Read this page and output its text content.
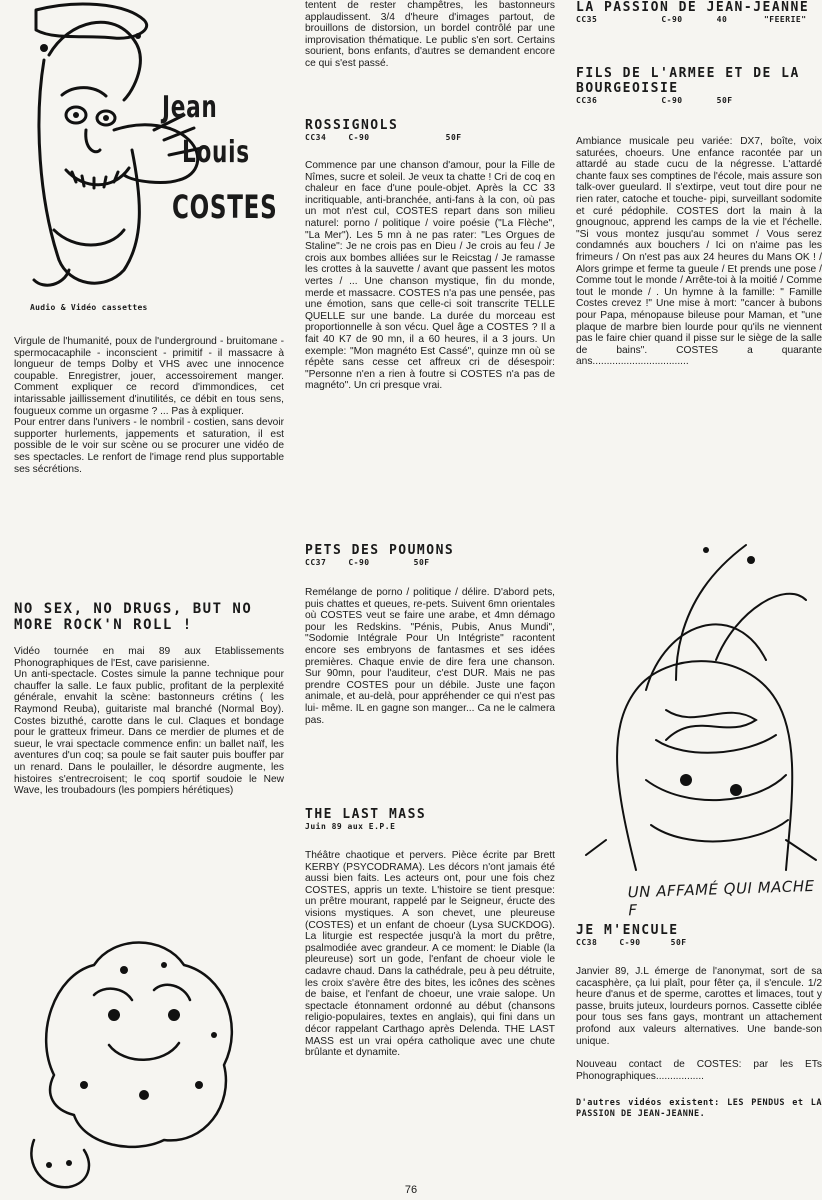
Jean
Louis
COSTES
Audio & Vidéo cassettes

Virgule de l'humanité, poux de l'underground - bruitomane - spermocacaphile - inconscient - primitif - il massacre à longueur de temps Dolby et VHS avec une innocence coupable. Enregistrer, jouer, accessoirement manger. Comment expliquer ce record d'immondices, cet intarissable jaillissement d'inutilités, ce débit en tous sens, fougueux comme un orgasme ? ... Pas à expliquer.

Pour entrer dans l'univers - le nombril - costien, sans devoir supporter hurlements, jappements et saturation, il est possible de le voir sur scène ou se procurer une vidéo de ses spectacles. Le renfort de l'image rend plus supportable ses sécrétions.

NO SEX, NO DRUGS, BUT NO MORE ROCK'N ROLL !

Vidéo tournée en mai 89 aux Etablissements Phonographiques de l'Est, cave parisienne.

Un anti-spectacle. Costes simule la panne technique pour chauffer la salle. Le faux public, profitant de la perplexité générale, envahit la scène: bastonneurs crétins ( les Raymond Reuba), guitariste mal branché (Normal Boy). Costes bizuthé, carotte dans le cul. Claques et bondage pour le gratteux frimeur. Dans ce merdier de plumes et de sueur, le vrai spectacle commence enfin: un ballet naïf, les aventures d'un coq; sa poule se fait sauter puis bouffer par un renard. Dans le poulailler, le désordre augmente, les histoires s'entrecroisent; le coq sportif soudoie le New Wave, les troubadours (les pompiers hérétiques)

tentent de rester champêtres, les bastonneurs applaudissent. 3/4 d'heure d'images partout, de brouillons de distorsion, un bordel contrôlé par une improvisation thématique. Le public s'en sort. Certains sourient, bons enfants, d'autres se demandent encore ce qui s'est passé.
ROSSIGNOLS
CC34	C-90	50F
Commence par une chanson d'amour, pour la Fille de Nîmes, sucre et soleil. Je veux ta chatte ! Cri de coq en chaleur en face d'une poule-objet. Après la CC 33 incritiquable, anti-branchée, anti-fans à la con, où pas un mot n'est cul, COSTES repart dans son milieu naturel: porno / politique / voire poésie ("La Flèche", "La Mer"). Les 5 mn à ne pas rater: "Les Orgues de Staline": Je ne crois pas en Dieu / Je crois au feu / Je crois aux bombes alliées sur le Reicstag / Je ramasse les crottes à la sauvette / avant que passent les motos vertes / ... Une chanson mystique, fin du monde, merde et massacre. COSTES n'a pas une pensée, pas une émotion, sans que celle-ci soit transcrite TELLE QUELLE sur une bande. La durée du morceau est proportionnelle à son vécu. Quel âge a COSTES ? Il a fait 40 K7 de 90 mn, il a 60 heures, il a 3 jours. Un exemple: "Mon magnéto Est Cassé", quinze mn où se répète sans cesse cet affreux cri de désespoir: "Personne n'en a rien à foutre si COSTES n'a pas de magnéto". Un cri presque vrai.
PETS DES POUMONS
CC37	C-90	50F
Remélange de porno / politique / délire. D'abord pets, puis chattes et queues, re-pets. Suivent 6mn orientales où COSTES veut se faire une arabe, et 4mn démago pour les Redskins. "Pénis, Pubis, Anus Mundi", "Sodomie Intégrale Pour Un Intégriste" racontent encore ses embryons de fantasmes et ses idées premières. Chaque envie de dire fera une chanson. Sur 90mn, pour l'auditeur, c'est DUR. Mais ne pas prendre COSTES pour un débile. Juste une façon animale, et au-delà, pour appréhender ce qui n'est pas lui- même. IL en gagne son manger... Ca ne le calmera pas.
THE LAST MASS
Juin 89 aux E.P.E
Théâtre chaotique et pervers. Pièce écrite par Brett KERBY (PSYCODRAMA). Les décors n'ont jamais été aussi bien faits. Les acteurs ont, pour une fois chez COSTES, appris un texte. L'histoire se tient presque: un prêtre mourant, rappelé par le Seigneur, éructe des visions mystiques. A son chevet, une pleureuse (COSTES) et un enfant de choeur (Lysa SUCKDOG). La liturgie est respectée jusqu'à la mort du prêtre, psalmodiée avec grandeur. A ce moment: le Diable (la pleureuse) sort un gode, l'enfant de choeur viole le cadavre chaud. Dans la cathédrale, peu à peu détruite, les croix s'avère être des bites, les icônes des scènes de baise, et l'enfant de choeur, une vraie salope. Un spectacle étonnament ordonné au début (chansons religio-populaires, textes en anglais), qui fini dans un décor rappelant Carthago après Delenda. THE LAST MASS est un vrai opéra catholique avec une chute brûlante et dynamite.
LA PASSION DE JEAN-JEANNE
CC35	C-90	40	"FEERIE"
FILS DE L'ARMEE ET DE LA BOURGEOISIE
CC36	C-90	50F
Ambiance musicale peu variée: DX7, boîte, voix saturées, choeurs. Une enfance racontée par un attardé au stade cucu de la négresse. L'attardé chante faux ses comptines de l'école, mais assure son talk-over gueulard. Il s'extirpe, veut tout dire pour ne rien rater, catoche et touche- pipi, surveillant sodomite et curé pédophile. COSTES dort la main à la gnougnouc, apprend les camps de la vie et l'échelle. "Si vous montez jusqu'au sommet / Vous serez condamnés aux bouchers / Ici on n'aime pas les frimeurs / On n'est pas aux 24 heures du Mans OK ! / Alors grimpe et ferme ta gueule / Et prends une pose / Comme tout le monde / Arrête-toi à la moitié / Comme tout le monde / . Un hymne à la famille: " Famille Costes crevez !" Une mise à mort: "cancer à bubons pour Papa, ménopause bileuse pour Maman, et "une plaque de marbre bien lourde pour qu'ils ne viennent pas le faire chier quand il pisse sur le siège de la salle de bains". COSTES a quarante ans..................................
UN AFFAMÉ QUI MACHE F
JE M'ENCULE
CC38	C-90	50F

Janvier 89, J.L émerge de l'anonymat, sort de sa cacasphère, ça lui plaît, pour fêter ça, il s'encule. 1/2 heure d'anus et de sperme, carottes et limaces, tout y passe, bruits juteux, lourdeurs pornos. Cassette ciblée pour tous ses fans gays, montrant un attachement profond aux valeurs alternatives. Une bande-son unique.

Nouveau contact de COSTES: par les ETs Phonographiques.................

D'autres vidéos existent: LES PENDUS et LA PASSION DE JEAN-JEANNE.

76
